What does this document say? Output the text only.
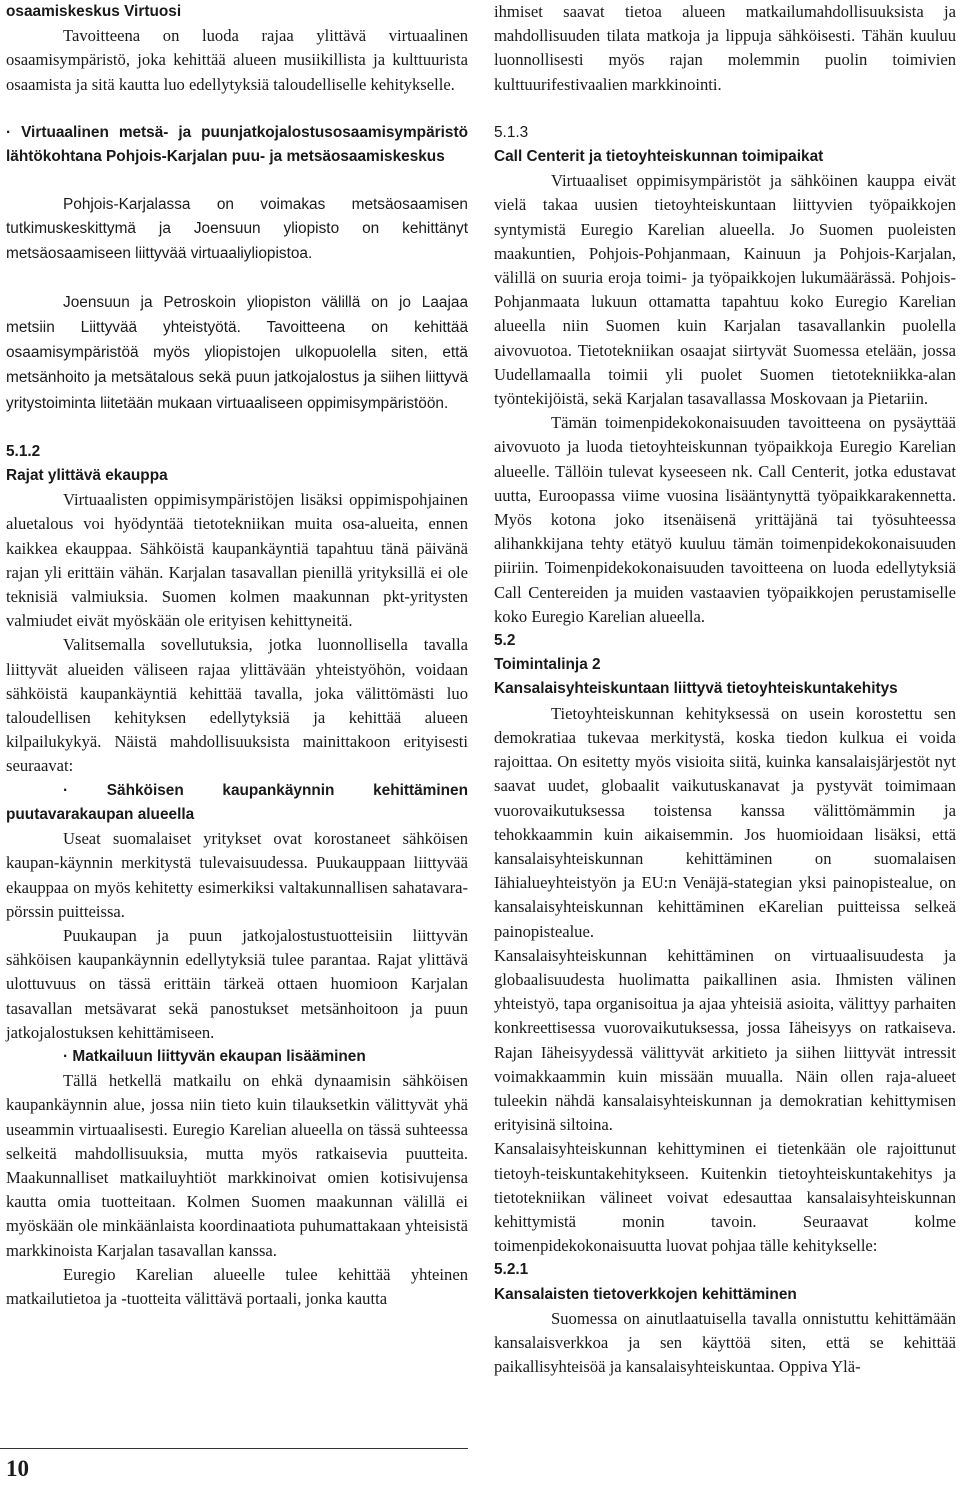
osaamiskeskus Virtuosi

Tavoitteena on luoda rajaa ylittävä virtuaalinen osaamisympäristö, joka kehittää alueen musiikillista ja kulttuurista osaamista ja sitä kautta luo edellytyksiä taloudelliselle kehitykselle.

· Virtuaalinen metsä- ja puunjatkojalostusosaamisympäristö lähtökohtana Pohjois-Karjalan puu- ja metsäosaamiskeskus

Pohjois-Karjalassa on voimakas metsäosaamisen tutkimuskeskittymä ja Joensuun yliopisto on kehittänyt metsäosaamiseen liittyvää virtuaaliyliopistoa.

Joensuun ja Petroskoin yliopiston välillä on jo Laajaa metsiin Liittyvää yhteistyötä. Tavoitteena on kehittää osaamisympäristöä myös yliopistojen ulkopuolella siten, että metsänhoito ja metsätalous sekä puun jatkojalostus ja siihen liittyvä yritystoiminta liitetään mukaan virtuaaliseen oppimisympäristöön.

5.1.2

Rajat ylittävä ekauppa

Virtuaalisten oppimisympäristöjen lisäksi oppimispohjainen aluetalous voi hyödyntää tietotekniikan muita osa-alueita, ennen kaikkea ekauppaa. Sähköistä kaupankäyntiä tapahtuu tänä päivänä rajan yli erittäin vähän. Karjalan tasavallan pienillä yrityksillä ei ole teknisiä valmiuksia. Suomen kolmen maakunnan pkt-yritysten valmiudet eivät myöskään ole erityisen kehittyneitä.

Valitsemalla sovellutuksia, jotka luonnollisella tavalla liittyvät alueiden väliseen rajaa ylittävään yhteistyöhön, voidaan sähköistä kaupankäyntiä kehittää tavalla, joka välittömästi luo taloudellisen kehityksen edellytyksiä ja kehittää alueen kilpailukykyä. Näistä mahdollisuuksista mainittakoon erityisesti seuraavat:

· Sähköisen kaupankäynnin kehittäminen puutavarakaupan alueella

Useat suomalaiset yritykset ovat korostaneet sähköisen kaupan-käynnin merkitystä tulevaisuudessa. Puukauppaan liittyvää ekauppaa on myös kehitetty esimerkiksi valtakunnallisen sahatavara-pörssin puitteissa.

Puukaupan ja puun jatkojalostustuotteisiin liittyvän sähköisen kaupankäynnin edellytyksiä tulee parantaa. Rajat ylittävä ulottuvuus on tässä erittäin tärkeä ottaen huomioon Karjalan tasavallan metsävarat sekä panostukset metsänhoitoon ja puun jatkojalostuksen kehittämiseen.

· Matkailuun liittyvän ekaupan lisääminen

Tällä hetkellä matkailu on ehkä dynaamisin sähköisen kaupankäynnin alue, jossa niin tieto kuin tilauksetkin välittyvät yhä useammin virtuaalisesti. Euregio Karelian alueella on tässä suhteessa selkeitä mahdollisuuksia, mutta myös ratkaisevia puutteita. Maakunnalliset matkailuyhtiöt markkinoivat omien kotisivujensa kautta omia tuotteitaan. Kolmen Suomen maakunnan välillä ei myöskään ole minkäänlaista koordinaatiota puhumattakaan yhteisistä markkinoista Karjalan tasavallan kanssa.

Euregio Karelian alueelle tulee kehittää yhteinen matkailutietoa ja -tuotteita välittävä portaali, jonka kautta

ihmiset saavat tietoa alueen matkailumahdollisuuksista ja mahdollisuuden tilata matkoja ja lippuja sähköisesti. Tähän kuuluu luonnollisesti myös rajan molemmin puolin toimivien kulttuurifestivaalien markkinointi.

5.1.3

Call Centerit ja tietoyhteiskunnan toimipaikat

Virtuaaliset oppimisympäristöt ja sähköinen kauppa eivät vielä takaa uusien tietoyhteiskuntaan liittyvien työpaikkojen syntymistä Euregio Karelian alueella. Jo Suomen puoleisten maakuntien, Pohjois-Pohjanmaan, Kainuun ja Pohjois-Karjalan, välillä on suuria eroja toimi- ja työpaikkojen lukumäärässä. Pohjois-Pohjanmaata lukuun ottamatta tapahtuu koko Euregio Karelian alueella niin Suomen kuin Karjalan tasavallankin puolella aivovuotoa. Tietotekniikan osaajat siirtyvät Suomessa etelään, jossa Uudellamaalla toimii yli puolet Suomen tietotekniikka-alan työntekijöistä, sekä Karjalan tasavallassa Moskovaan ja Pietariin.

Tämän toimenpidekokonaisuuden tavoitteena on pysäyttää aivovuoto ja luoda tietoyhteiskunnan työpaikkoja Euregio Karelian alueelle. Tällöin tulevat kyseeseen nk. Call Centerit, jotka edustavat uutta, Euroopassa viime vuosina lisääntynyttä työpaikkarakennetta. Myös kotona joko itsenäisenä yrittäjänä tai työsuhteessa alihankkijana tehty etätyö kuuluu tämän toimenpidekokonaisuuden piiriin. Toimenpidekokonaisuuden tavoitteena on luoda edellytyksiä Call Centereiden ja muiden vastaavien työpaikkojen perustamiselle koko Euregio Karelian alueella.

5.2

Toimintalinja 2

Kansalaisyhteiskuntaan liittyvä tietoyhteiskuntakehitys

Tietoyhteiskunnan kehityksessä on usein korostettu sen demokratiaa tukevaa merkitystä, koska tiedon kulkua ei voida rajoittaa. On esitetty myös visioita siitä, kuinka kansalaisjärjestöt nyt saavat uudet, globaalit vaikutuskanavat ja pystyvät toimimaan vuorovaikutuksessa toistensa kanssa välittömämmin ja tehokkaammin kuin aikaisemmin. Jos huomioidaan lisäksi, että kansalaisyhteiskunnan kehittäminen on suomalaisen Iähialueyhteistyön ja EU:n Venäjä-stategian yksi painopistealue, on kansalaisyhteiskunnan kehittäminen eKarelian puitteissa selkeä painopistealue.

Kansalaisyhteiskunnan kehittäminen on virtuaalisuudesta ja globaalisuudesta huolimatta paikallinen asia. Ihmisten välinen yhteistyö, tapa organisoitua ja ajaa yhteisiä asioita, välittyy parhaiten konkreettisessa vuorovaikutuksessa, jossa Iäheisyys on ratkaiseva. Rajan Iäheisyydessä välittyvät arkitieto ja siihen liittyvät intressit voimakkaammin kuin missään muualla. Näin ollen raja-alueet tuleekin nähdä kansalaisyhteiskunnan ja demokratian kehittymisen erityisinä siltoina.

Kansalaisyhteiskunnan kehittyminen ei tietenkään ole rajoittunut tietoyh-teiskuntakehitykseen. Kuitenkin tietoyhteiskuntakehitys ja tietotekniikan välineet voivat edesauttaa kansalaisyhteiskunnan kehittymistä monin tavoin. Seuraavat kolme toimenpidekokonaisuutta luovat pohjaa tälle kehitykselle:

5.2.1

Kansalaisten tietoverkkojen kehittäminen

Suomessa on ainutlaatuisella tavalla onnistuttu kehittämään kansalaisverkkoa ja sen käyttöä siten, että se kehittää paikallisyhteisöä ja kansalaisyhteiskuntaa. Oppiva Ylä-

10
